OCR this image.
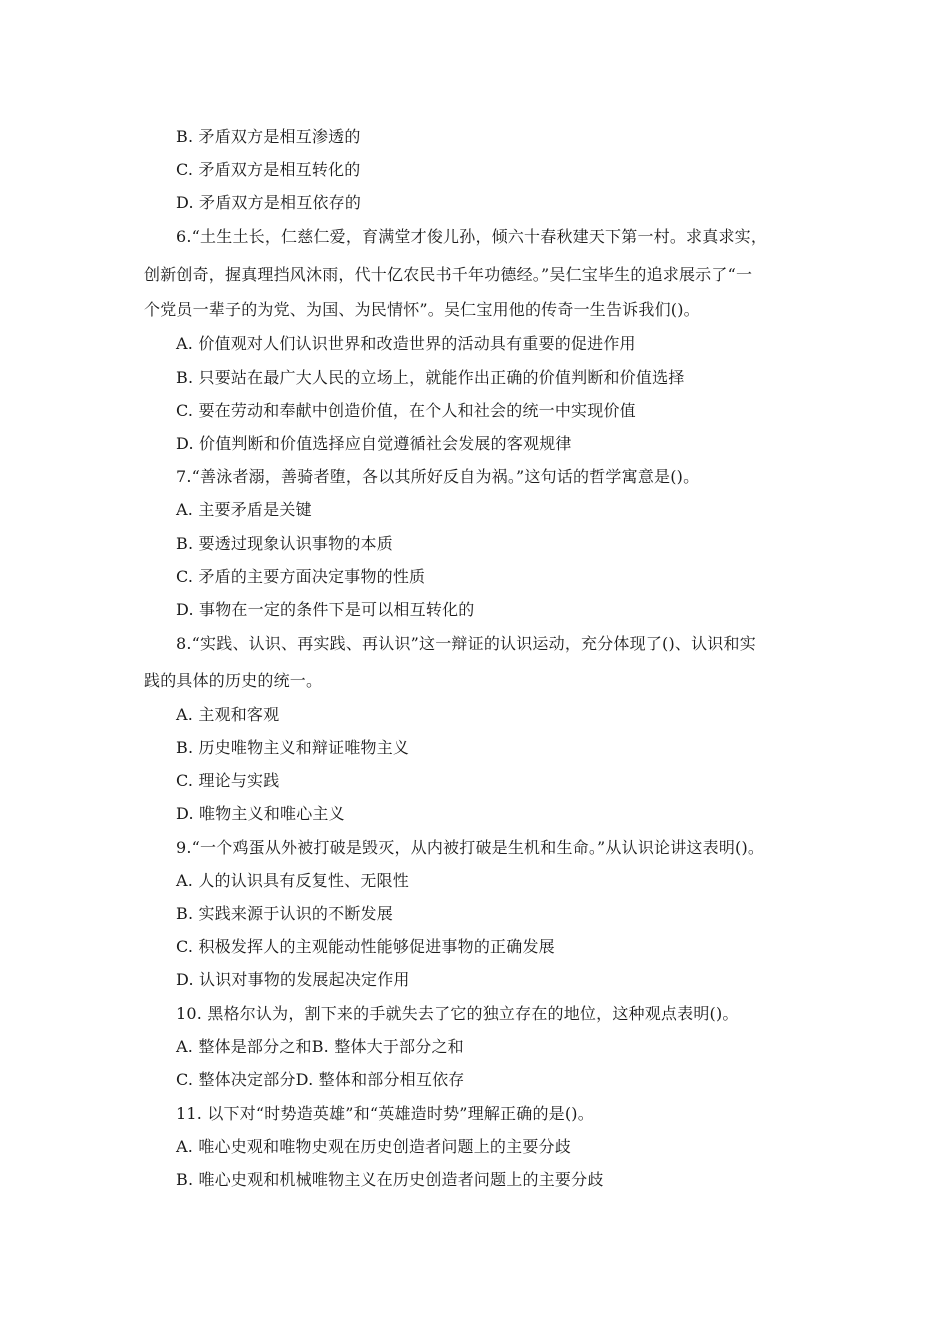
B. 矛盾双方是相互渗透的
C. 矛盾双方是相互转化的
D. 矛盾双方是相互依存的
6.“土生土长，仁慈仁爱，育满堂才俊儿孙，倾六十春秋建天下第一村。求真求实，
创新创奇，握真理挡风沐雨，代十亿农民书千年功德经。”吴仁宝毕生的追求展示了“一
个党员一辈子的为党、为国、为民情怀”。吴仁宝用他的传奇一生告诉我们()。
A. 价值观对人们认识世界和改造世界的活动具有重要的促进作用
B. 只要站在最广大人民的立场上，就能作出正确的价值判断和价值选择
C. 要在劳动和奉献中创造价值，在个人和社会的统一中实现价值
D. 价值判断和价值选择应自觉遵循社会发展的客观规律
7.“善泳者溺，善骑者堕，各以其所好反自为祸。”这句话的哲学寓意是()。
A. 主要矛盾是关键
B. 要透过现象认识事物的本质
C. 矛盾的主要方面决定事物的性质
D. 事物在一定的条件下是可以相互转化的
8.“实践、认识、再实践、再认识”这一辩证的认识运动，充分体现了()、认识和实
践的具体的历史的统一。
A. 主观和客观
B. 历史唯物主义和辩证唯物主义
C. 理论与实践
D. 唯物主义和唯心主义
9.“一个鸡蛋从外被打破是毁灭，从内被打破是生机和生命。”从认识论讲这表明()。
A. 人的认识具有反复性、无限性
B. 实践来源于认识的不断发展
C. 积极发挥人的主观能动性能够促进事物的正确发展
D. 认识对事物的发展起决定作用
10. 黑格尔认为，割下来的手就失去了它的独立存在的地位，这种观点表明()。
A. 整体是部分之和B. 整体大于部分之和
C. 整体决定部分D. 整体和部分相互依存
11. 以下对“时势造英雄”和“英雄造时势”理解正确的是()。
A. 唯心史观和唯物史观在历史创造者问题上的主要分歧
B. 唯心史观和机械唯物主义在历史创造者问题上的主要分歧
